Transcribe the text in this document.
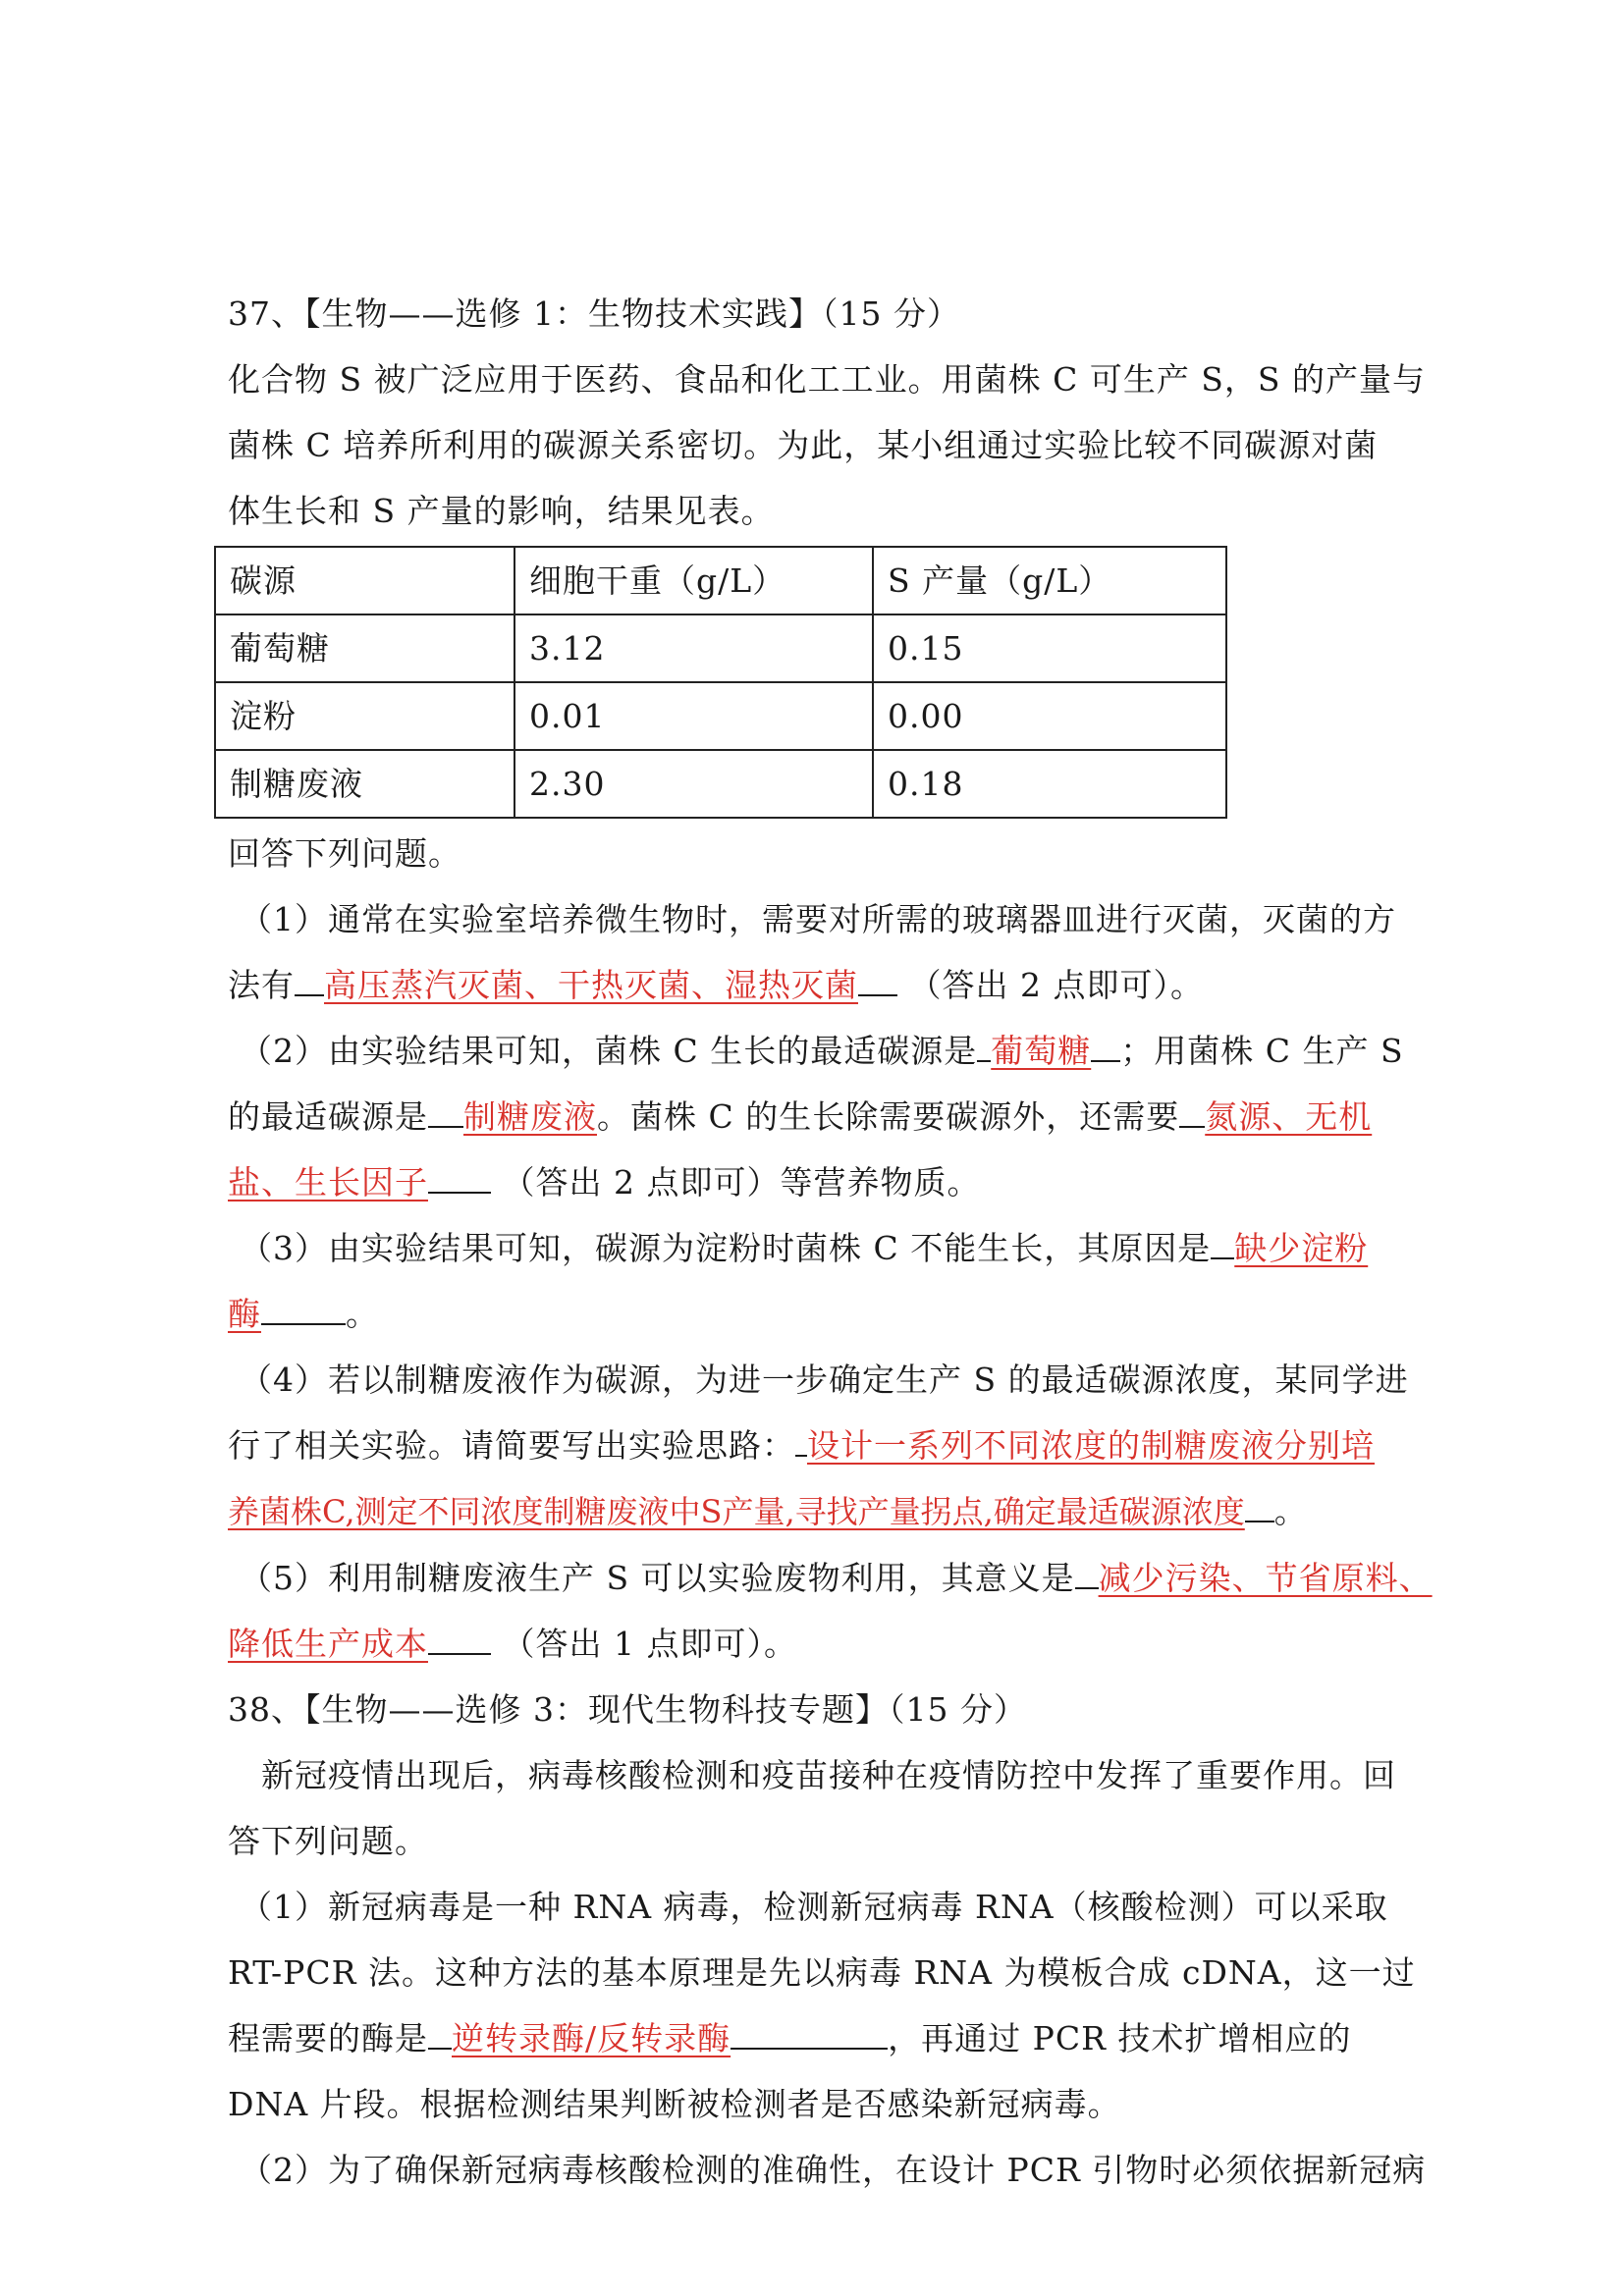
37、【生物——选修 1：生物技术实践】（15 分）
化合物 S 被广泛应用于医药、食品和化工工业。用菌株 C 可生产 S，S 的产量与
菌株 C 培养所利用的碳源关系密切。为此，某小组通过实验比较不同碳源对菌
体生长和 S 产量的影响，结果见表。
碳源	细胞干重（g/L）	S 产量（g/L）
葡萄糖	3.12	0.15
淀粉	0.01	0.00
制糖废液	2.30	0.18
回答下列问题。
（1）通常在实验室培养微生物时，需要对所需的玻璃器皿进行灭菌，灭菌的方
法有 高压蒸汽灭菌、干热灭菌、湿热灭菌 （答出 2 点即可）。
（2）由实验结果可知，菌株 C 生长的最适碳源是 葡萄糖 ；用菌株 C 生产 S
的最适碳源是 制糖废液。菌株 C 的生长除需要碳源外，还需要 氮源、无机
盐、生长因子 （答出 2 点即可）等营养物质。
（3）由实验结果可知，碳源为淀粉时菌株 C 不能生长，其原因是 缺少淀粉
酶	。
（4）若以制糖废液作为碳源，为进一步确定生产 S 的最适碳源浓度，某同学进
行了相关实验。请简要写出实验思路： 设计一系列不同浓度的制糖废液分别培
养菌株C,测定不同浓度制糖废液中S产量,寻找产量拐点,确定最适碳源浓度 。
（5）利用制糖废液生产 S 可以实验废物利用，其意义是 减少污染、节省原料、
降低生产成本 （答出 1 点即可）。
38、【生物——选修 3：现代生物科技专题】（15 分）
新冠疫情出现后，病毒核酸检测和疫苗接种在疫情防控中发挥了重要作用。回
答下列问题。
（1）新冠病毒是一种 RNA 病毒，检测新冠病毒 RNA（核酸检测）可以采取
RT-PCR 法。这种方法的基本原理是先以病毒 RNA 为模板合成 cDNA，这一过
程需要的酶是 逆转录酶/反转录酶	，再通过 PCR 技术扩增相应的
DNA 片段。根据检测结果判断被检测者是否感染新冠病毒。
（2）为了确保新冠病毒核酸检测的准确性，在设计 PCR 引物时必须依据新冠病
